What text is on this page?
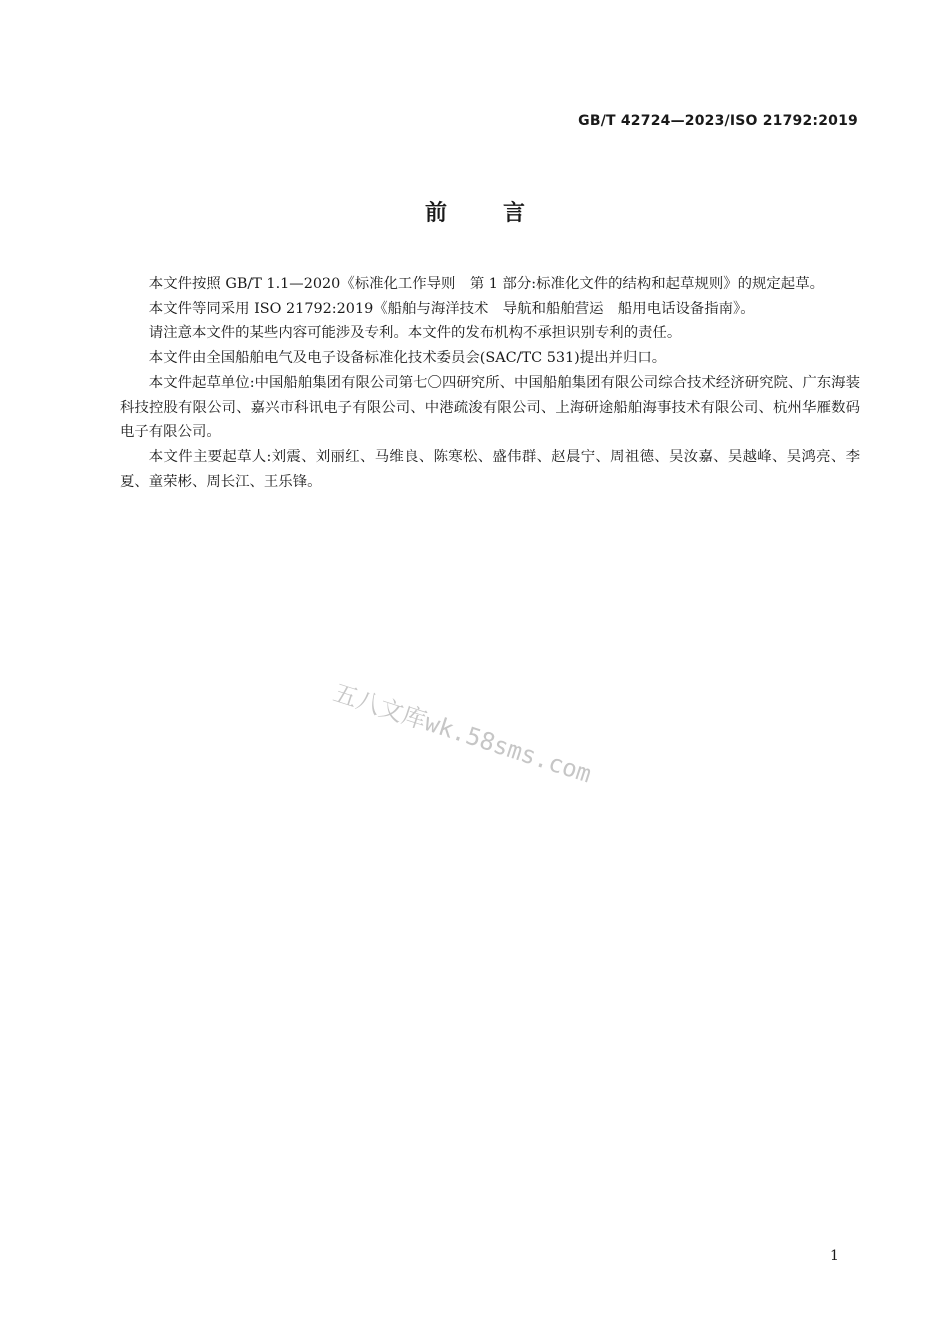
GB/T 42724—2023/ISO 21792:2019
前言

本文件按照 GB/T 1.1—2020《标准化工作导则　第 1 部分:标准化文件的结构和起草规则》的规定起草。

本文件等同采用 ISO 21792:2019《船舶与海洋技术　导航和船舶营运　船用电话设备指南》。

请注意本文件的某些内容可能涉及专利。本文件的发布机构不承担识别专利的责任。

本文件由全国船舶电气及电子设备标准化技术委员会(SAC/TC 531)提出并归口。

本文件起草单位:中国船舶集团有限公司第七〇四研究所、中国船舶集团有限公司综合技术经济研究院、广东海装科技控股有限公司、嘉兴市科讯电子有限公司、中港疏浚有限公司、上海研途船舶海事技术有限公司、杭州华雁数码电子有限公司。

本文件主要起草人:刘震、刘丽红、马维良、陈寒松、盛伟群、赵晨宁、周祖德、吴汝嘉、吴越峰、吴鸿亮、李夏、童荣彬、周长江、王乐锋。

五八文库wk.58sms.com
1
